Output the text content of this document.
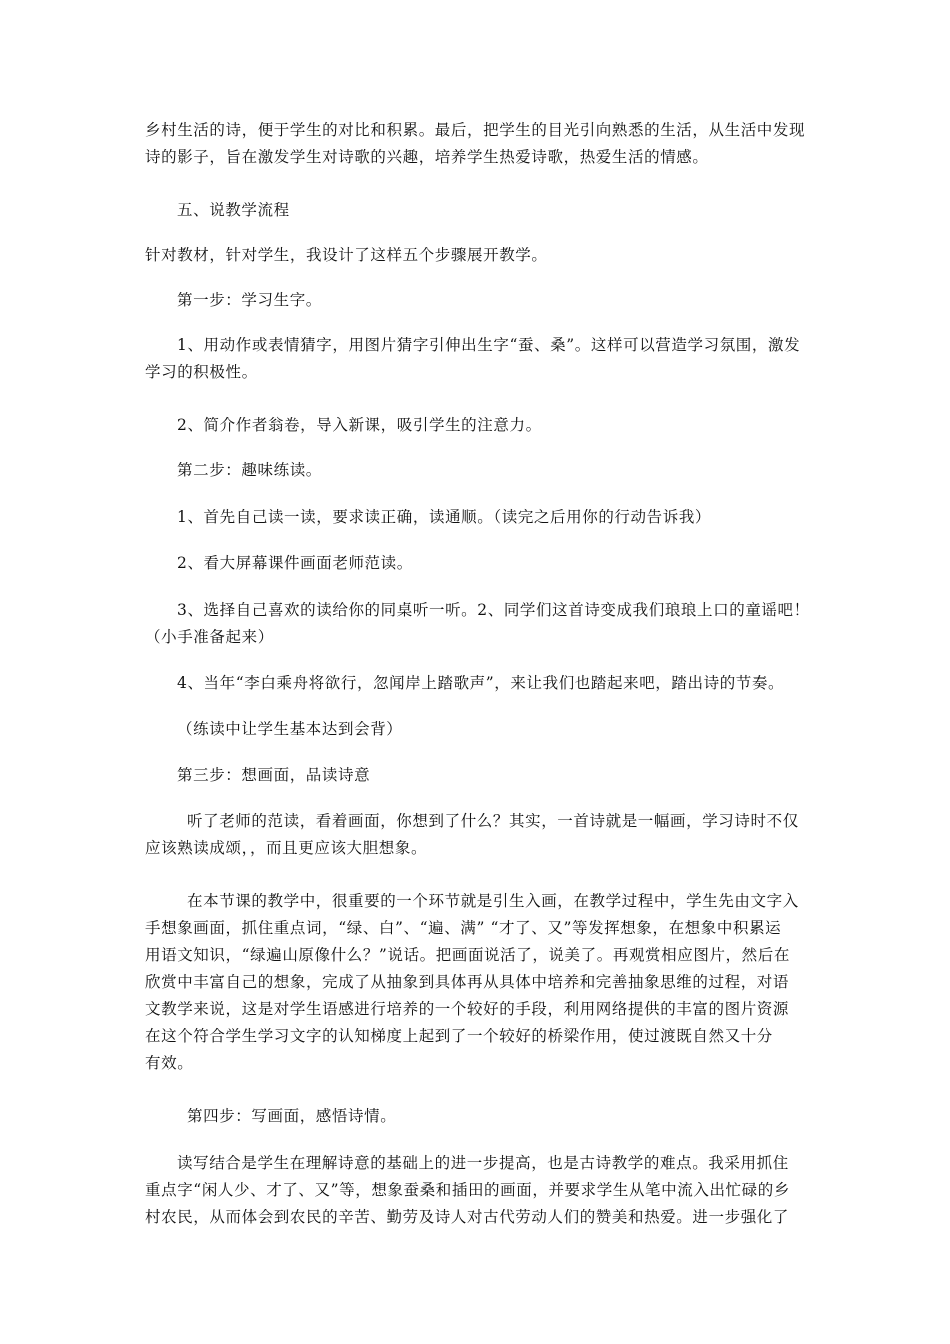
乡村生活的诗，便于学生的对比和积累。最后，把学生的目光引向熟悉的生活，从生活中发现
诗的影子，旨在激发学生对诗歌的兴趣，培养学生热爱诗歌，热爱生活的情感。

五、说教学流程

针对教材，针对学生，我设计了这样五个步骤展开教学。

第一步：学习生字。

1、用动作或表情猜字，用图片猜字引伸出生字“蚕、桑”。这样可以营造学习氛围，激发

学习的积极性。

2、简介作者翁卷，导入新课，吸引学生的注意力。

第二步：趣味练读。

1、首先自己读一读，要求读正确，读通顺。（读完之后用你的行动告诉我）

2、看大屏幕课件画面老师范读。

3、选择自己喜欢的读给你的同桌听一听。2、同学们这首诗变成我们琅琅上口的童谣吧！

（小手准备起来）

4、当年“李白乘舟将欲行，忽闻岸上踏歌声”，来让我们也踏起来吧，踏出诗的节奏。

（练读中让学生基本达到会背）

第三步：想画面，品读诗意

听了老师的范读，看着画面，你想到了什么？其实，一首诗就是一幅画，学习诗时不仅

应该熟读成颂，，而且更应该大胆想象。

在本节课的教学中，很重要的一个环节就是引生入画，在教学过程中，学生先由文字入

手想象画面，抓住重点词，“绿、白”、“遍、满” “才了、又”等发挥想象，在想象中积累运
用语文知识，“绿遍山原像什么？”说话。把画面说活了，说美了。再观赏相应图片，然后在
欣赏中丰富自己的想象，完成了从抽象到具体再从具体中培养和完善抽象思维的过程，对语
文教学来说，这是对学生语感进行培养的一个较好的手段，利用网络提供的丰富的图片资源
在这个符合学生学习文字的认知梯度上起到了一个较好的桥梁作用，使过渡既自然又十分
有效。

第四步：写画面，感悟诗情。

读写结合是学生在理解诗意的基础上的进一步提高，也是古诗教学的难点。我采用抓住

重点字“闲人少、才了、又”等，想象蚕桑和插田的画面，并要求学生从笔中流入出忙碌的乡
村农民，从而体会到农民的辛苦、勤劳及诗人对古代劳动人们的赞美和热爱。进一步强化了
